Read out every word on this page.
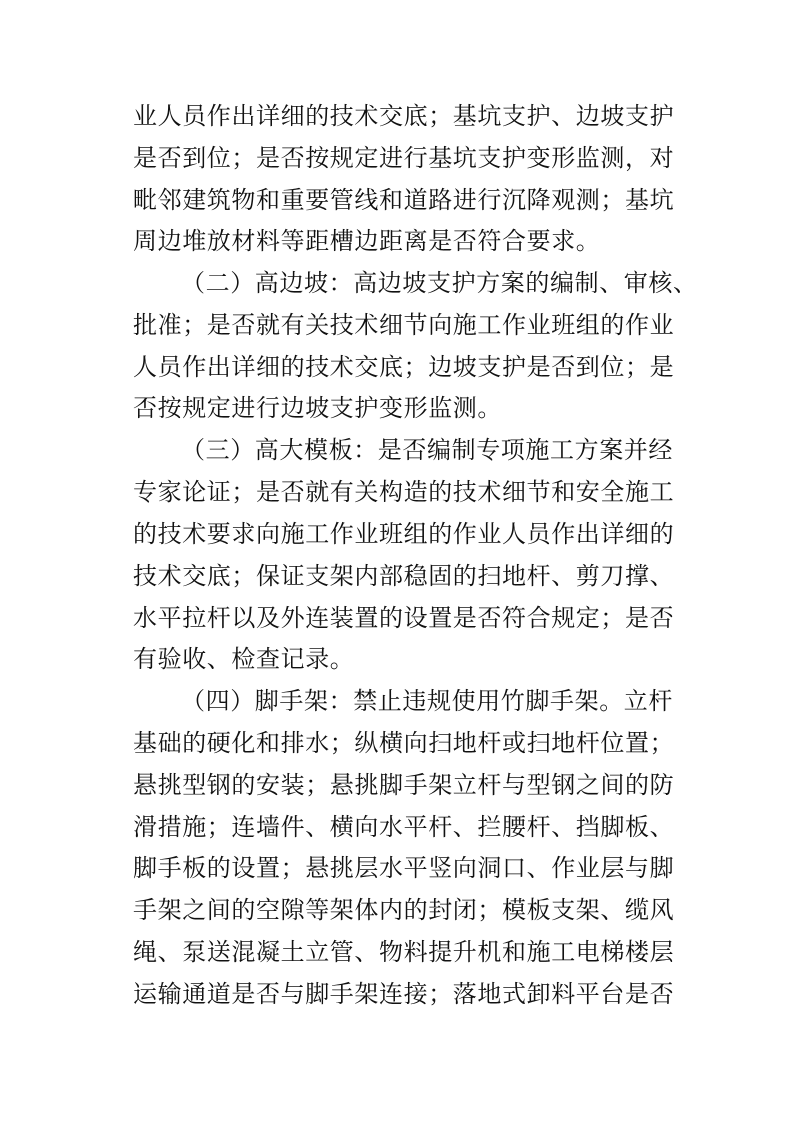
业人员作出详细的技术交底；基坑支护、边坡支护

是否到位；是否按规定进行基坑支护变形监测，对

毗邻建筑物和重要管线和道路进行沉降观测；基坑

周边堆放材料等距槽边距离是否符合要求。

（二）高边坡：高边坡支护方案的编制、审核、

批准；是否就有关技术细节向施工作业班组的作业

人员作出详细的技术交底；边坡支护是否到位；是

否按规定进行边坡支护变形监测。

（三）高大模板：是否编制专项施工方案并经

专家论证；是否就有关构造的技术细节和安全施工

的技术要求向施工作业班组的作业人员作出详细的

技术交底；保证支架内部稳固的扫地杆、剪刀撑、

水平拉杆以及外连装置的设置是否符合规定；是否

有验收、检查记录。

（四）脚手架：禁止违规使用竹脚手架。立杆

基础的硬化和排水；纵横向扫地杆或扫地杆位置；

悬挑型钢的安装；悬挑脚手架立杆与型钢之间的防

滑措施；连墙件、横向水平杆、拦腰杆、挡脚板、

脚手板的设置；悬挑层水平竖向洞口、作业层与脚

手架之间的空隙等架体内的封闭；模板支架、缆风

绳、泵送混凝土立管、物料提升机和施工电梯楼层

运输通道是否与脚手架连接；落地式卸料平台是否
